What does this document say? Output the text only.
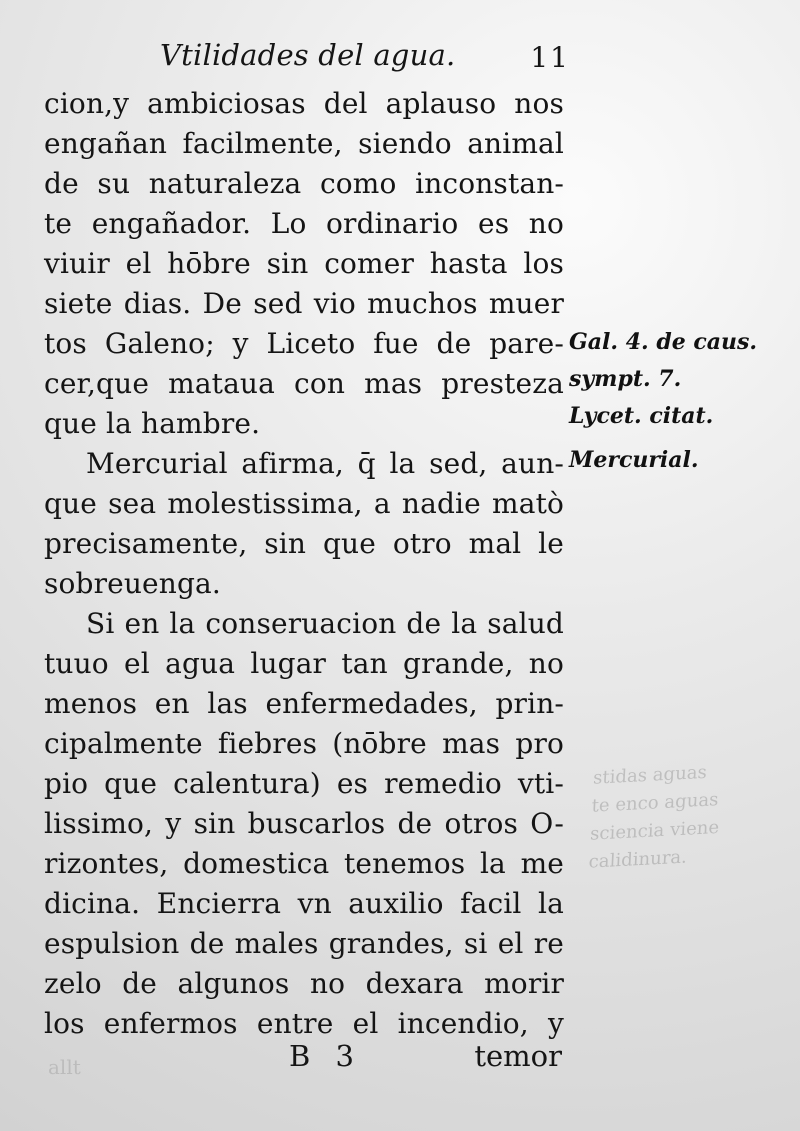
stidas aguas
te enco aguas
sciencia viene
calidinura.
allt
Vtilidades del agua.	11
cion,y ambiciosas del aplauso nos
engañan facilmente, siendo animal
de su naturaleza como inconstan-
te engañador. Lo ordinario es no
viuir el hōbre sin comer hasta los
siete dias. De sed vio muchos muer
tos Galeno; y Liceto fue de pare-
cer,que mataua con mas presteza
que la hambre.
Mercurial afirma, q̄ la sed, aun-
que sea molestissima, a nadie matò
precisamente, sin que otro mal le
sobreuenga.
Si en la conseruacion de la salud
tuuo el agua lugar tan grande, no
menos en las enfermedades, prin-
cipalmente fiebres (nōbre mas pro
pio que calentura) es remedio vti-
lissimo, y sin buscarlos de otros O-
rizontes, domestica tenemos la me
dicina. Encierra vn auxilio facil la
espulsion de males grandes, si el re
zelo de algunos no dexara morir
los enfermos entre el incendio, y
Gal. 4. de caus.
sympt. 7.
Lycet. citat.
Mercurial.
B 3	temor
